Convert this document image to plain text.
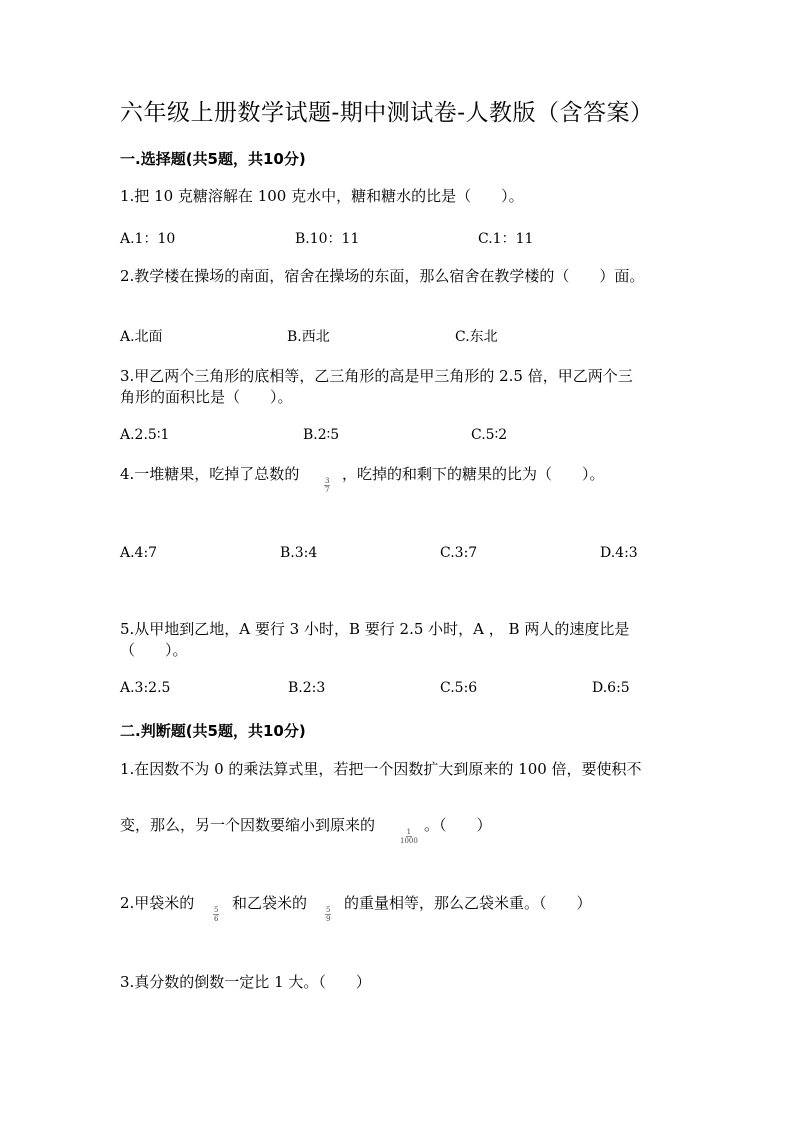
六年级上册数学试题-期中测试卷-人教版（含答案）
一.选择题(共5题，共10分)
1.把 10 克糖溶解在 100 克水中，糖和糖水的比是（　　）。
A.1：10	B.10：11	C.1：11
2.教学楼在操场的南面，宿舍在操场的东面，那么宿舍在教学楼的（　　）面。
A.北面	B.西北	C.东北
3.甲乙两个三角形的底相等，乙三角形的高是甲三角形的 2.5 倍，甲乙两个三
角形的面积比是（　　）。
A.2.5∶1	B.2∶5	C.5∶2
4.一堆糖果，吃掉了总数的
$\frac{3}{7}$
，吃掉的和剩下的糖果的比为（　　）。
A.4:7	B.3:4	C.3:7	D.4:3
5.从甲地到乙地，A 要行 3 小时，B 要行 2.5 小时，A ， B 两人的速度比是
（　　）。
A.3:2.5	B.2:3	C.5:6	D.6:5
二.判断题(共5题，共10分)
1.在因数不为 0 的乘法算式里，若把一个因数扩大到原来的 100 倍，要使积不
变，那么，另一个因数要缩小到原来的
$\frac{1}{1000}$
。（　　）
2.甲袋米的
$\frac{5}{6}$
和乙袋米的
$\frac{5}{9}$
的重量相等，那么乙袋米重。（　　）
3.真分数的倒数一定比 1 大。（　　）
